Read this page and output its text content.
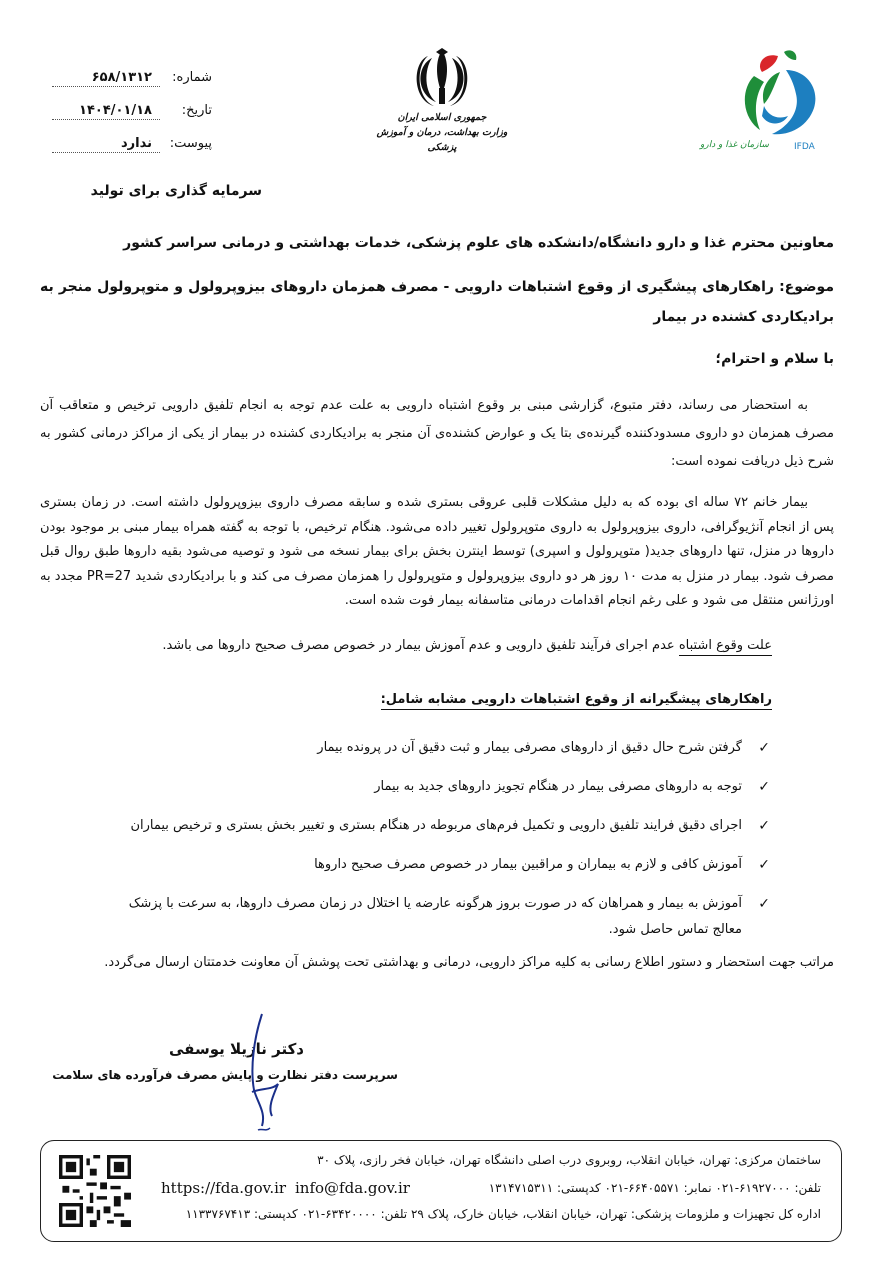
شماره:
۶۵۸/۱۳۱۲
تاریخ:
۱۴۰۴/۰۱/۱۸
پیوست:
ندارد
جمهوری اسلامی ایران
وزارت بهداشت، درمان و آموزش پزشکی	سازمان غذا و دارو	IFDA
سرمایه گذاری برای تولید
معاونین محترم غذا و دارو دانشگاه/دانشکده های علوم پزشکی، خدمات بهداشتی و درمانی سراسر کشور
موضوع: راهکارهای پیشگیری از وقوع اشتباهات دارویی - مصرف همزمان داروهای بیزوپرولول و متوپرولول منجر به برادیکاردی کشنده در بیمار
با سلام و احترام؛
به استحضار می رساند، دفتر متبوع، گزارشی مبنی بر وقوع اشتباه دارویی به علت عدم توجه به انجام تلفیق دارویی ترخیص و متعاقب آن مصرف همزمان دو داروی مسدودکننده گیرنده‌ی بتا یک و عوارض کشنده‌ی آن منجر به برادیکاردی کشنده در بیمار از یکی از مراکز درمانی کشور به شرح ذیل دریافت نموده است:
بیمار خانم ۷۲ ساله ای بوده که به دلیل مشکلات قلبی عروقی بستری شده و سابقه مصرف داروی بیزوپرولول داشته است. در زمان بستری پس از انجام آنژیوگرافی، داروی بیزوپرولول به داروی متوپرولول تغییر داده می‌شود. هنگام ترخیص، با توجه به گفته همراه بیمار مبنی بر موجود بودن داروها در منزل، تنها داروهای جدید( متوپرولول و اسپری) توسط اینترن بخش برای بیمار نسخه می شود و توصیه می‌شود بقیه داروها طبق روال قبل مصرف شود. بیمار در منزل به مدت ۱۰ روز هر دو داروی بیزوپرولول و متوپرولول را همزمان مصرف می کند و با برادیکاردی شدید PR=27 مجدد به اورژانس منتقل می شود و علی رغم انجام اقدامات درمانی متاسفانه بیمار فوت شده است.
علت وقوع اشتباه عدم اجرای فرآیند تلفیق دارویی و عدم آموزش بیمار در خصوص مصرف صحیح داروها می باشد.
راهکارهای پیشگیرانه از وقوع اشتباهات دارویی مشابه شامل:
✓
گرفتن شرح حال دقیق از داروهای مصرفی بیمار و ثبت دقیق آن در پرونده بیمار
✓
توجه به داروهای مصرفی بیمار در هنگام تجویز داروهای جدید به بیمار
✓
اجرای دقیق فرایند تلفیق دارویی و تکمیل فرم‌های مربوطه در هنگام بستری و تغییر بخش بستری و ترخیص بیماران
✓
آموزش کافی و لازم به بیماران و مراقبین بیمار در خصوص مصرف صحیح داروها
✓
آموزش به بیمار و همراهان که در صورت بروز هرگونه عارضه یا اختلال در زمان مصرف داروها، به سرعت با پزشک معالج تماس حاصل شود.
مراتب جهت استحضار و دستور اطلاع رسانی به کلیه مراکز دارویی، درمانی و بهداشتی تحت پوشش آن معاونت خدمتتان ارسال می‌گردد.
دکتر نازیلا یوسفی
سرپرست دفتر نظارت و پایش مصرف فرآورده های سلامت
ساختمان مرکزی: تهران، خیابان انقلاب، روبروی درب اصلی دانشگاه تهران، خیابان فخر رازی، پلاک ۳۰
تلفن: ۶۱۹۲۷۰۰۰-۰۲۱ نمابر: ۶۶۴۰۵۵۷۱-۰۲۱ کدپستی: ۱۳۱۴۷۱۵۳۱۱
https://fda.gov.ir info@fda.gov.ir
اداره کل تجهیزات و ملزومات پزشکی: تهران، خیابان انقلاب، خیابان خارک، پلاک ۲۹ تلفن: ۶۳۴۲۰۰۰۰-۰۲۱ کدپستی: ۱۱۳۳۷۶۷۴۱۳
